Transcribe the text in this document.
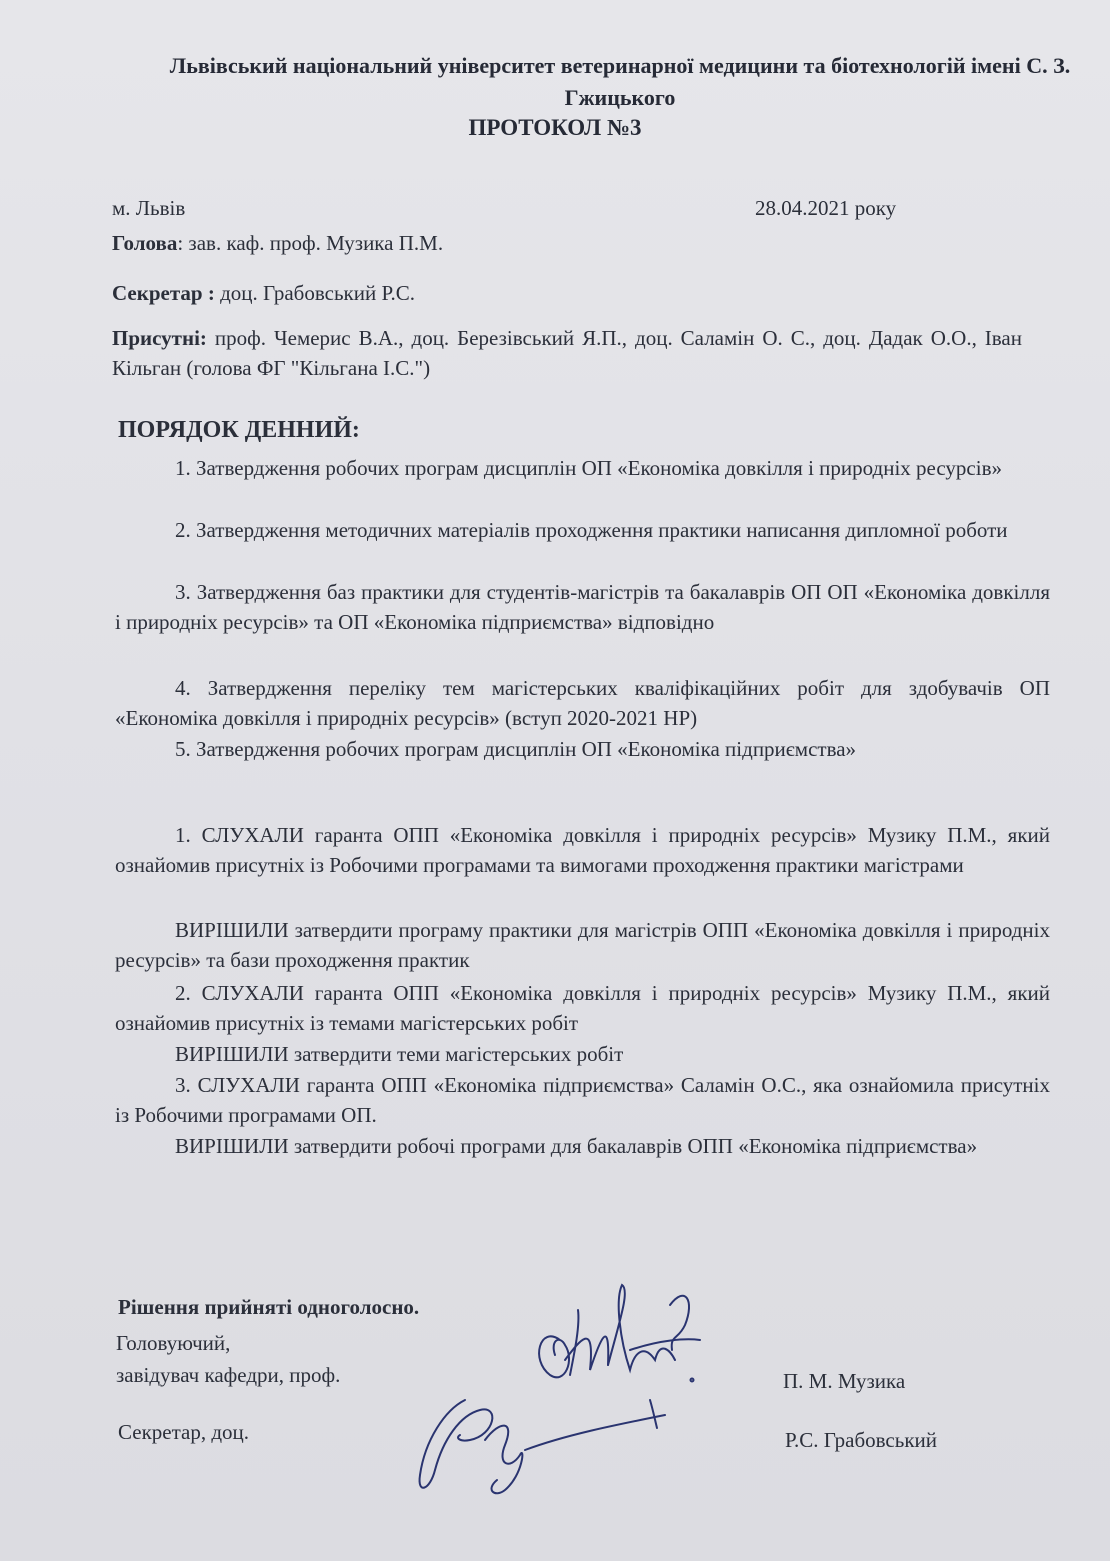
Львівський національний університет ветеринарної медицини та біотехнологій імені С. З. Гжицького
ПРОТОКОЛ №3
м. Львів	28.04.2021 року
Голова: зав. каф. проф. Музика П.М.
Секретар : доц. Грабовський Р.С.
Присутні: проф. Чемерис В.А., доц. Березівський Я.П., доц. Саламін О. С., доц. Дадак О.О., Іван Кільган (голова ФГ "Кільгана І.С.")
ПОРЯДОК ДЕННИЙ:
1. Затвердження робочих програм дисциплін ОП «Економіка довкілля і природніх ресурсів»
2. Затвердження методичних матеріалів проходження практики написання дипломної роботи
3. Затвердження баз практики для студентів-магістрів та бакалаврів ОП ОП «Економіка довкілля і природніх ресурсів» та ОП «Економіка підприємства» відповідно
4. Затвердження переліку тем магістерських кваліфікаційних робіт для здобувачів ОП «Економіка довкілля і природніх ресурсів» (вступ 2020-2021 НР)
5. Затвердження робочих програм дисциплін ОП «Економіка підприємства»
1. СЛУХАЛИ гаранта ОПП «Економіка довкілля і природніх ресурсів» Музику П.М., який ознайомив присутніх із Робочими програмами та вимогами проходження практики магістрами
ВИРІШИЛИ затвердити програму практики для магістрів ОПП «Економіка довкілля і природніх ресурсів» та бази проходження практик
2. СЛУХАЛИ гаранта ОПП «Економіка довкілля і природніх ресурсів» Музику П.М., який ознайомив присутніх із темами магістерських робіт
ВИРІШИЛИ затвердити теми магістерських робіт
3. СЛУХАЛИ гаранта ОПП «Економіка підприємства» Саламін О.С., яка ознайомила присутніх із Робочими програмами ОП.
ВИРІШИЛИ затвердити робочі програми для бакалаврів ОПП «Економіка підприємства»
Рішення прийняті одноголосно.
Головуючий,
завідувач кафедри, проф.	П. М. Музика
Секретар, доц.	Р.С. Грабовський
